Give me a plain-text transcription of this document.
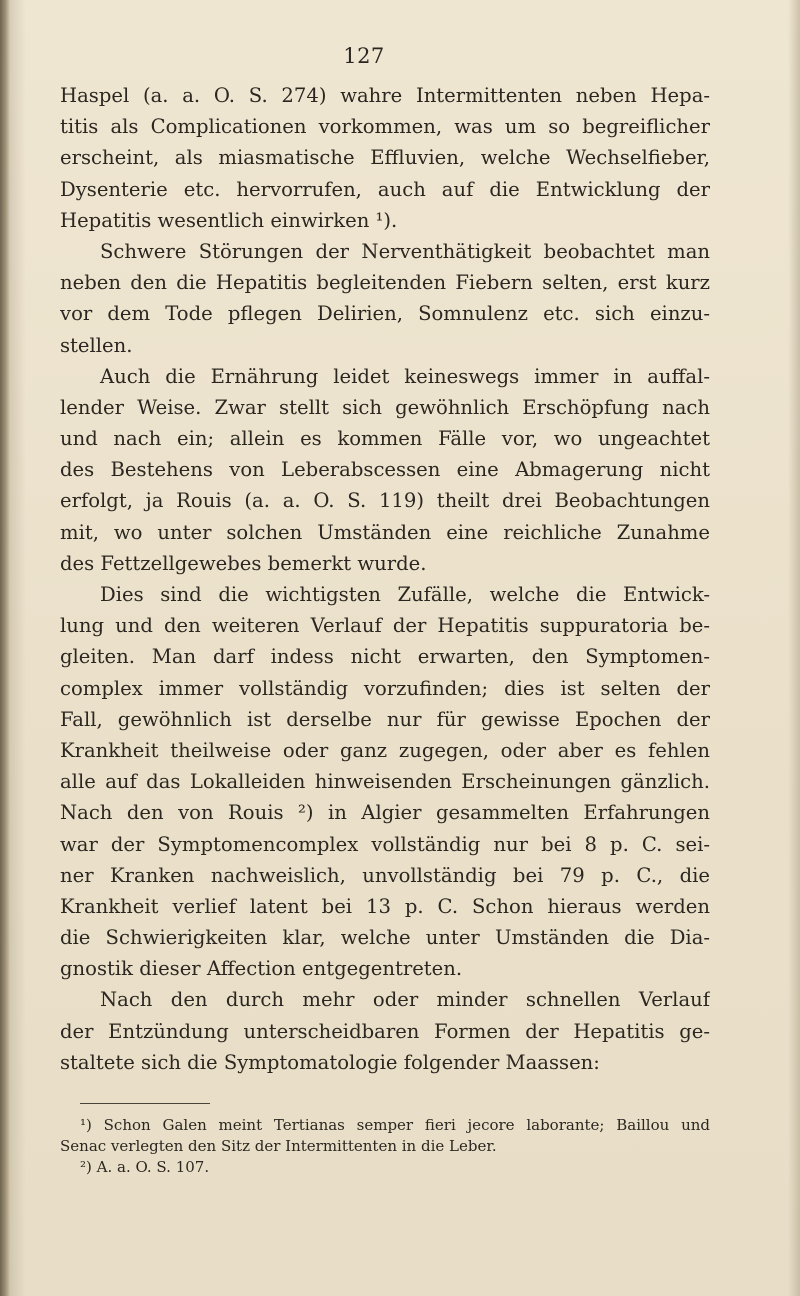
127
Haspel (a. a. O. S. 274) wahre Intermittenten neben Hepa-
titis als Complicationen vorkommen, was um so begreiflicher
erscheint, als miasmatische Effluvien, welche Wechselfieber,
Dysenterie etc. hervorrufen, auch auf die Entwicklung der
Hepatitis wesentlich einwirken ¹).
Schwere Störungen der Nerventhätigkeit beobachtet man
neben den die Hepatitis begleitenden Fiebern selten, erst kurz
vor dem Tode pflegen Delirien, Somnulenz etc. sich einzu-
stellen.
Auch die Ernährung leidet keineswegs immer in auffal-
lender Weise. Zwar stellt sich gewöhnlich Erschöpfung nach
und nach ein; allein es kommen Fälle vor, wo ungeachtet
des Bestehens von Leberabscessen eine Abmagerung nicht
erfolgt, ja Rouis (a. a. O. S. 119) theilt drei Beobachtungen
mit, wo unter solchen Umständen eine reichliche Zunahme
des Fettzellgewebes bemerkt wurde.
Dies sind die wichtigsten Zufälle, welche die Entwick-
lung und den weiteren Verlauf der Hepatitis suppuratoria be-
gleiten. Man darf indess nicht erwarten, den Symptomen-
complex immer vollständig vorzufinden; dies ist selten der
Fall, gewöhnlich ist derselbe nur für gewisse Epochen der
Krankheit theilweise oder ganz zugegen, oder aber es fehlen
alle auf das Lokalleiden hinweisenden Erscheinungen gänzlich.
Nach den von Rouis ²) in Algier gesammelten Erfahrungen
war der Symptomencomplex vollständig nur bei 8 p. C. sei-
ner Kranken nachweislich, unvollständig bei 79 p. C., die
Krankheit verlief latent bei 13 p. C. Schon hieraus werden
die Schwierigkeiten klar, welche unter Umständen die Dia-
gnostik dieser Affection entgegentreten.
Nach den durch mehr oder minder schnellen Verlauf
der Entzündung unterscheidbaren Formen der Hepatitis ge-
staltete sich die Symptomatologie folgender Maassen:
¹) Schon Galen meint Tertianas semper fieri jecore laborante; Baillou und
Senac verlegten den Sitz der Intermittenten in die Leber.
²) A. a. O. S. 107.
